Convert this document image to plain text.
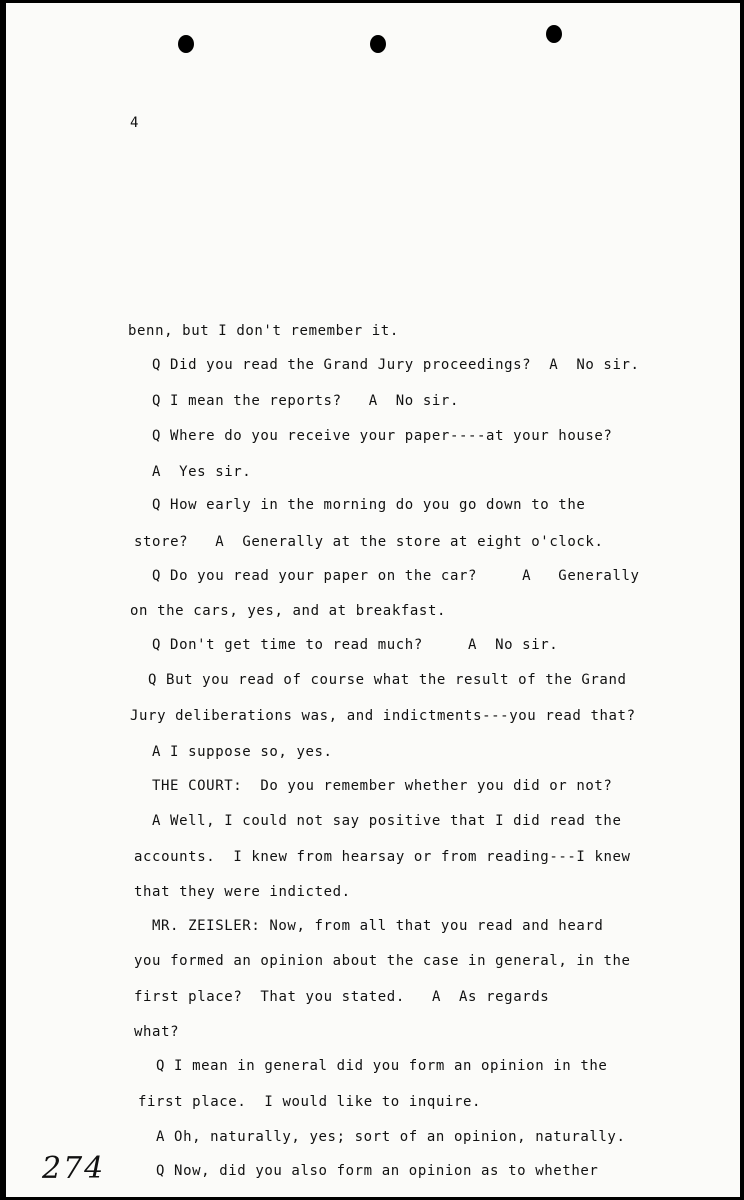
4
benn, but I don't remember it.
Q Did you read the Grand Jury proceedings?  A  No sir.
Q I mean the reports?   A  No sir.
Q Where do you receive your paper----at your house?
A  Yes sir.
Q How early in the morning do you go down to the
store?   A  Generally at the store at eight o'clock.
Q Do you read your paper on the car?     A   Generally
on the cars, yes, and at breakfast.
Q Don't get time to read much?     A  No sir.
Q But you read of course what the result of the Grand
Jury deliberations was, and indictments---you read that?
A I suppose so, yes.
THE COURT:  Do you remember whether you did or not?
A Well, I could not say positive that I did read the
accounts.  I knew from hearsay or from reading---I knew
that they were indicted.
MR. ZEISLER: Now, from all that you read and heard
you formed an opinion about the case in general, in the
first place?  That you stated.   A  As regards
what?
Q I mean in general did you form an opinion in the
first place.  I would like to inquire.
A Oh, naturally, yes; sort of an opinion, naturally.
Q Now, did you also form an opinion as to whether
274
